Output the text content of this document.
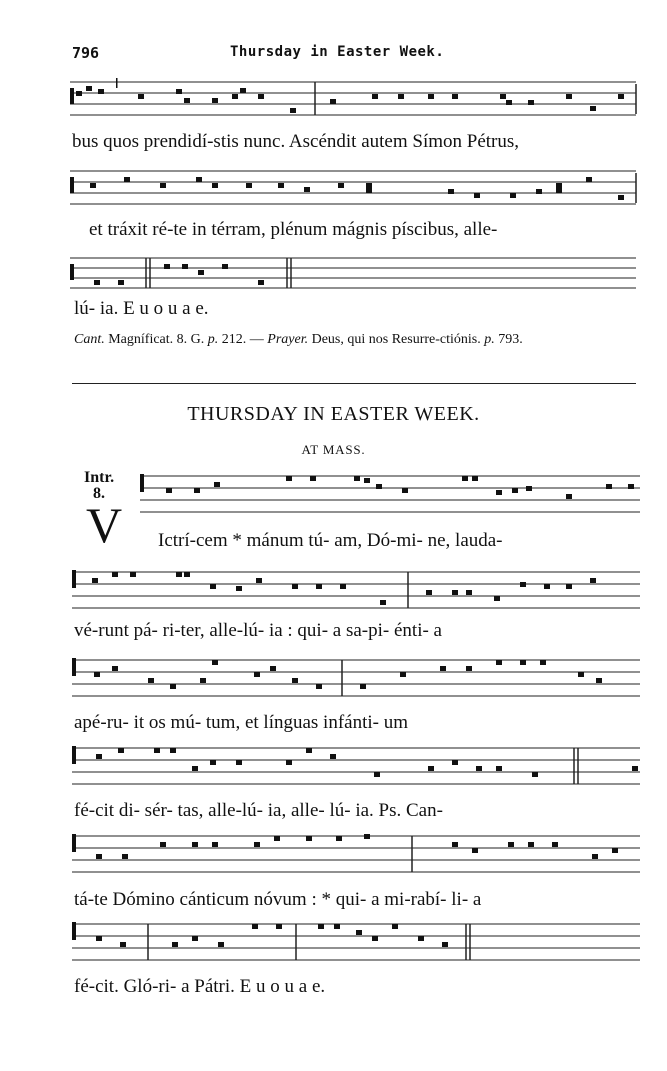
796	Thursday in Easter Week.
bus quos prendidí-stis nunc. Ascéndit autem Símon Pétrus,
et tráxit ré-te in térram, plénum mágnis píscibus, alle-
lú- ia. E u o u a e.
Cant. Magníficat. 8. G. p. 212. — Prayer. Deus, qui nos Resurre-ctiónis. p. 793.
THURSDAY IN EASTER WEEK.
AT MASS.
Intr.
8.
V Ictrí-cem * mánum tú- am, Dó-mi- ne, lauda-
vé-runt pá- ri-ter, alle-lú- ia : qui- a sa-pi- énti- a
apé-ru- it os mú- tum, et línguas infánti- um
fé-cit di- sér- tas, alle-lú- ia, alle- lú- ia. Ps. Can-
tá-te Dómino cánticum nóvum : * qui- a mi-rabí- li- a
fé-cit. Gló-ri- a Pátri. E u o u a e.
